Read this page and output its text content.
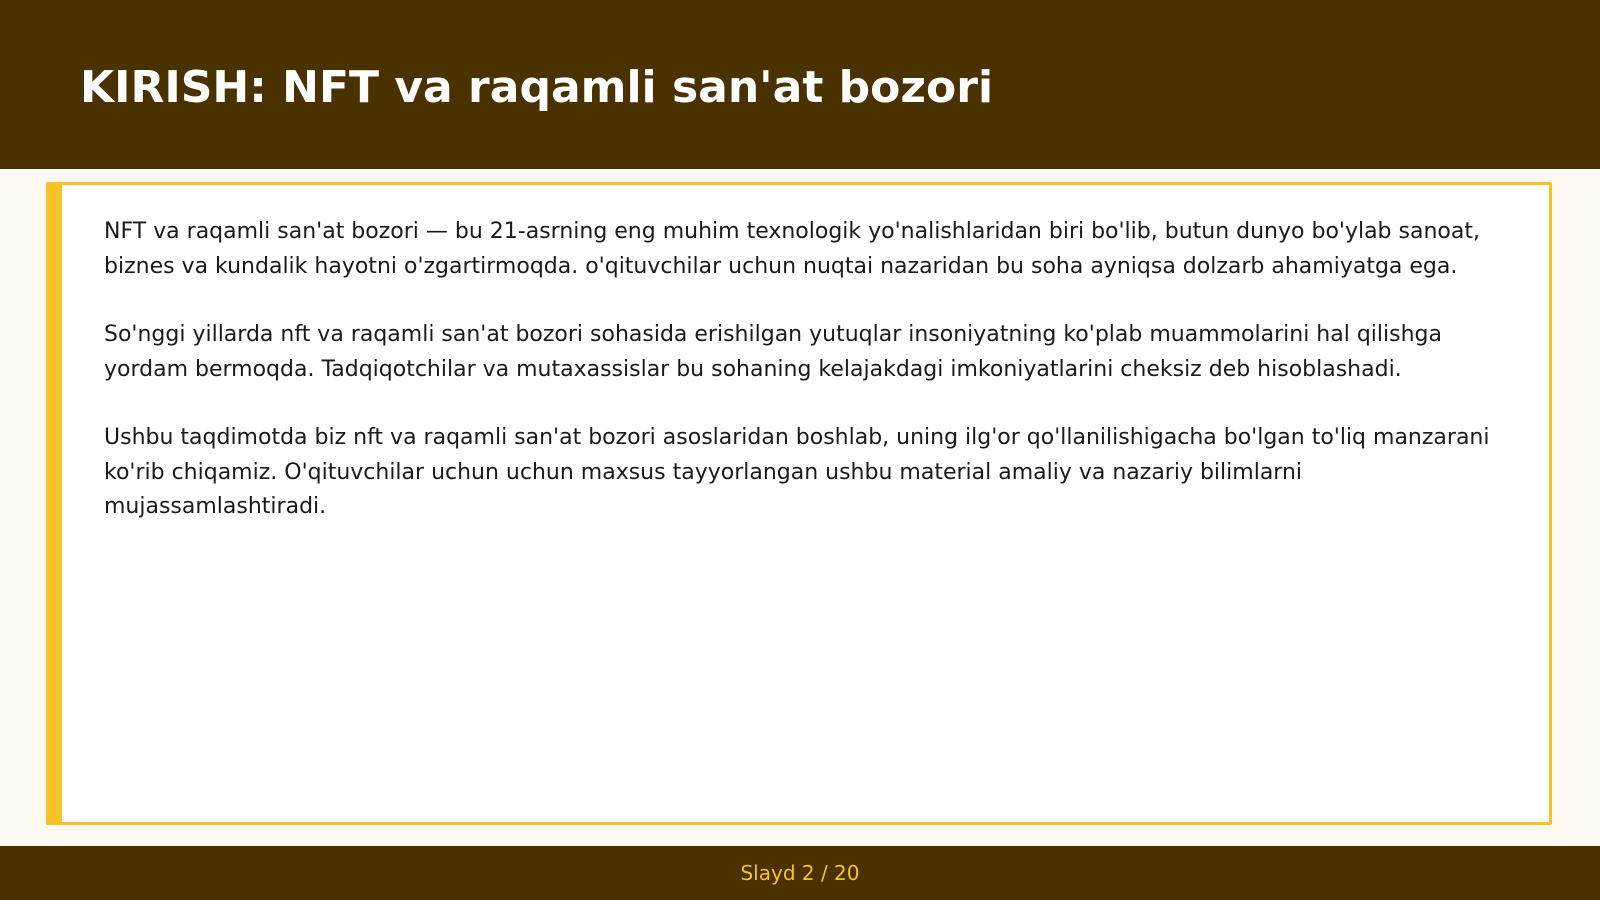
KIRISH: NFT va raqamli san'at bozori

NFT va raqamli san'at bozori — bu 21-asrning eng muhim texnologik yo'nalishlaridan biri bo'lib, butun dunyo bo'ylab sanoat, biznes va kundalik hayotni o'zgartirmoqda. o'qituvchilar uchun nuqtai nazaridan bu soha ayniqsa dolzarb ahamiyatga ega.

So'nggi yillarda nft va raqamli san'at bozori sohasida erishilgan yutuqlar insoniyatning ko'plab muammolarini hal qilishga yordam bermoqda. Tadqiqotchilar va mutaxassislar bu sohaning kelajakdagi imkoniyatlarini cheksiz deb hisoblashadi.

Ushbu taqdimotda biz nft va raqamli san'at bozori asoslaridan boshlab, uning ilg'or qo'llanilishigacha bo'lgan to'liq manzarani ko'rib chiqamiz. O'qituvchilar uchun uchun maxsus tayyorlangan ushbu material amaliy va nazariy bilimlarni mujassamlashtiradi.

Slayd 2 / 20
